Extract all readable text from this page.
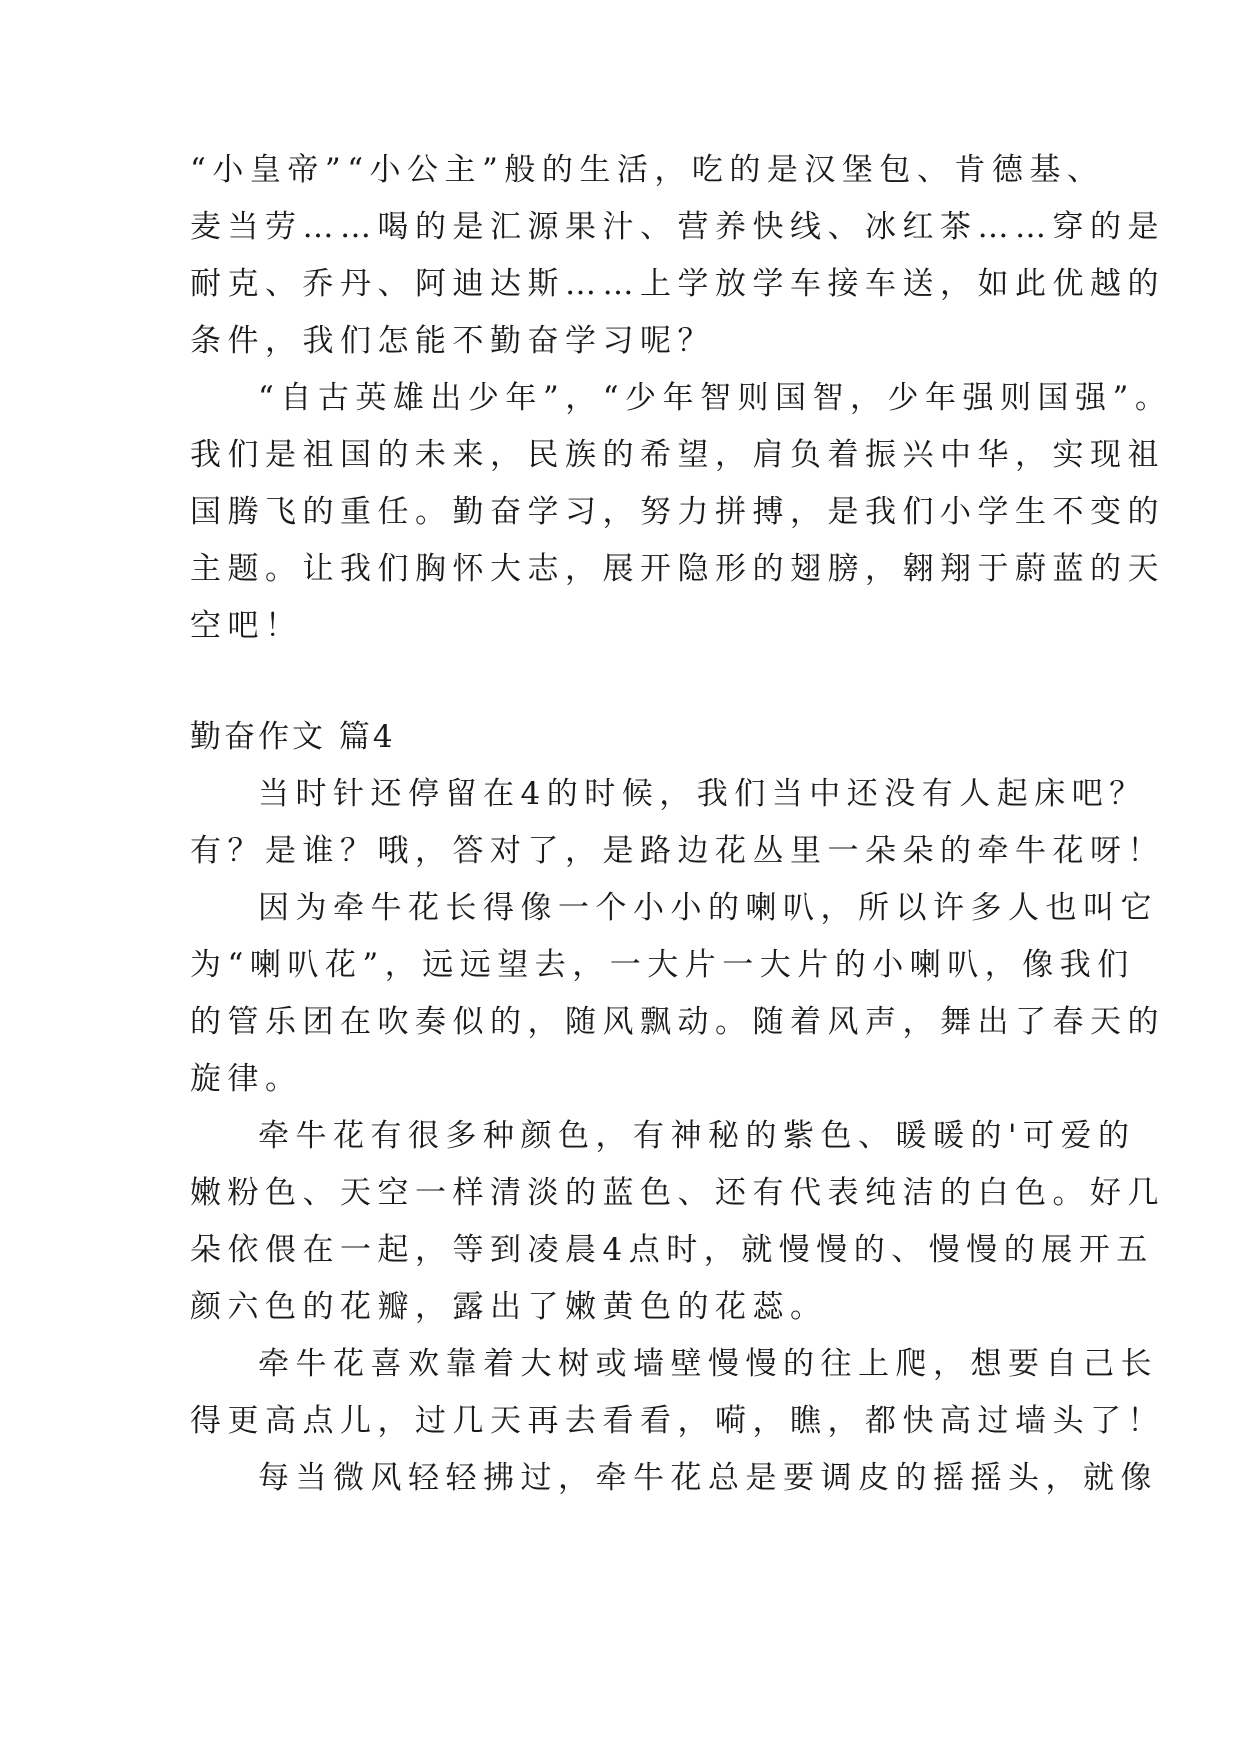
“小皇帝”“小公主”般的生活，吃的是汉堡包、肯德基、
麦当劳……喝的是汇源果汁、营养快线、冰红茶……穿的是
耐克、乔丹、阿迪达斯……上学放学车接车送，如此优越的
条件，我们怎能不勤奋学习呢？
“自古英雄出少年”，“少年智则国智，少年强则国强”。
我们是祖国的未来，民族的希望，肩负着振兴中华，实现祖
国腾飞的重任。勤奋学习，努力拼搏，是我们小学生不变的
主题。让我们胸怀大志，展开隐形的翅膀，翱翔于蔚蓝的天
空吧！
勤奋作文 篇4
当时针还停留在4的时候，我们当中还没有人起床吧？
有？是谁？哦，答对了，是路边花丛里一朵朵的牵牛花呀！
因为牵牛花长得像一个小小的喇叭，所以许多人也叫它
为“喇叭花”，远远望去，一大片一大片的小喇叭，像我们
的管乐团在吹奏似的，随风飘动。随着风声，舞出了春天的
旋律。
牵牛花有很多种颜色，有神秘的紫色、暖暖的'可爱的
嫩粉色、天空一样清淡的蓝色、还有代表纯洁的白色。好几
朵依偎在一起，等到凌晨4点时，就慢慢的、慢慢的展开五
颜六色的花瓣，露出了嫩黄色的花蕊。
牵牛花喜欢靠着大树或墙壁慢慢的往上爬，想要自己长
得更高点儿，过几天再去看看，嗬，瞧，都快高过墙头了！
每当微风轻轻拂过，牵牛花总是要调皮的摇摇头，就像
